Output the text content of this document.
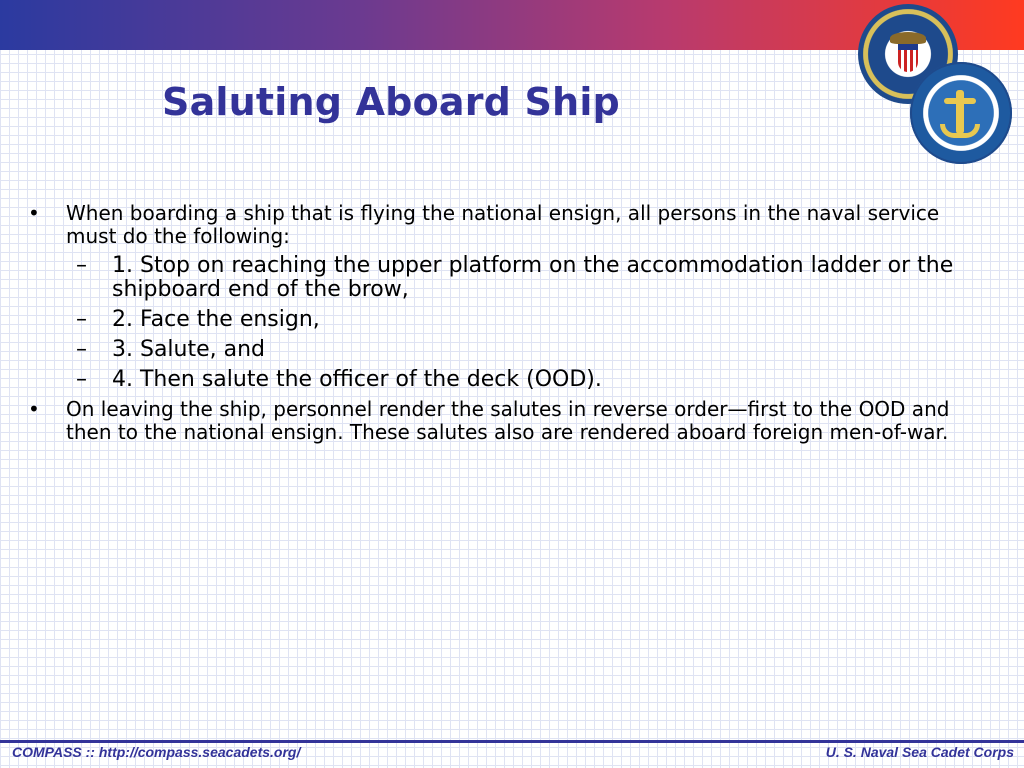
Saluting Aboard Ship
•	When boarding a ship that is flying the national ensign, all persons in the naval service must do the following:
– 1. Stop on reaching the upper platform on the accommodation ladder or the shipboard end of the brow,
– 2. Face the ensign,
– 3. Salute, and
– 4. Then salute the officer of the deck (OOD).
•	On leaving the ship, personnel render the salutes in reverse order—first to the OOD and then to the national ensign. These salutes also are rendered aboard foreign men-of-war.
COMPASS :: http://compass.seacadets.org/	U. S. Naval Sea Cadet Corps
